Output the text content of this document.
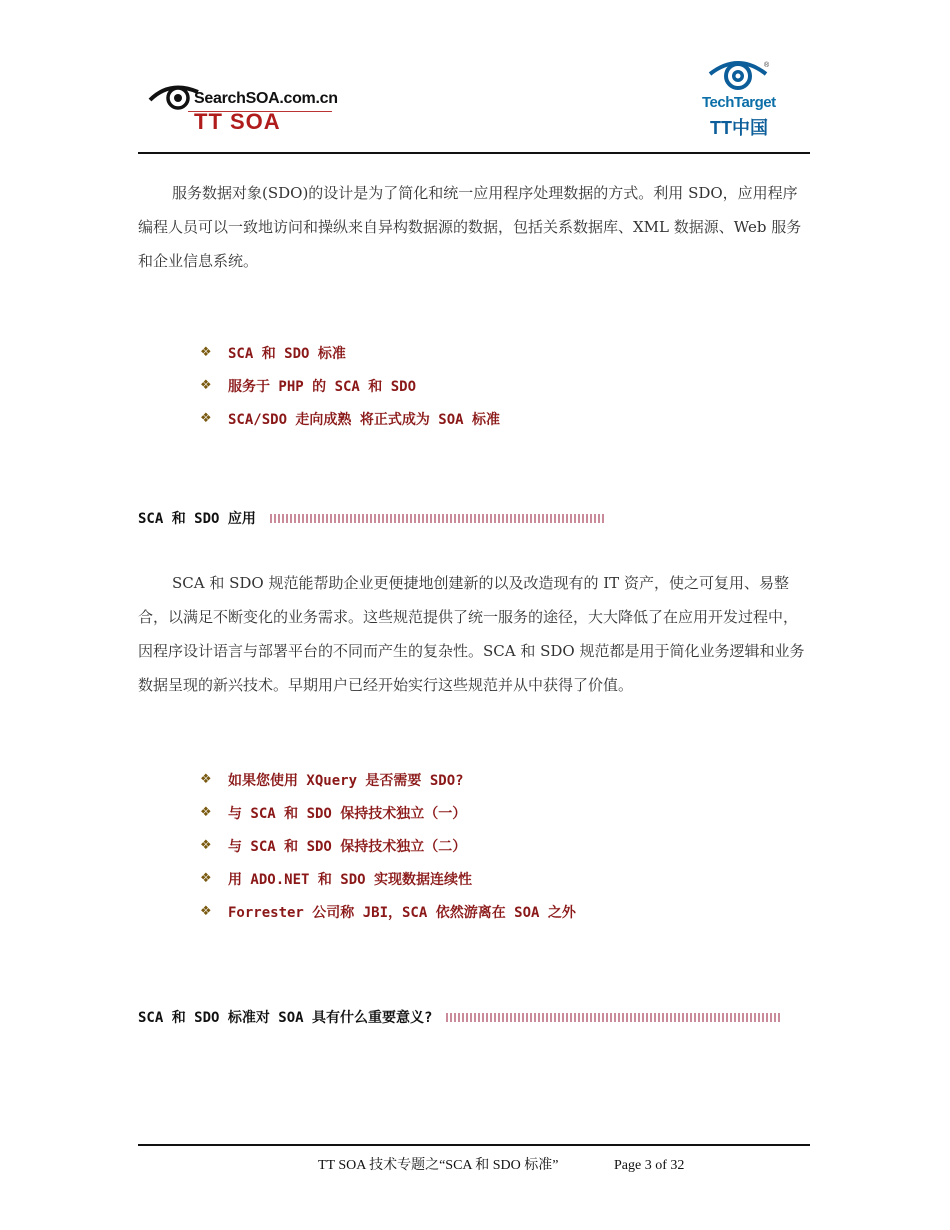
SearchSOA.com.cn
TT SOA
®
TechTarget
TT中国
服务数据对象(SDO)的设计是为了简化和统一应用程序处理数据的方式。利用 SDO，应用程序编程人员可以一致地访问和操纵来自异构数据源的数据，包括关系数据库、XML 数据源、Web 服务和企业信息系统。
❖	SCA 和 SDO 标准
❖	服务于 PHP 的 SCA 和 SDO
❖	SCA/SDO 走向成熟 将正式成为 SOA 标准
SCA 和 SDO 应用
SCA 和 SDO 规范能帮助企业更便捷地创建新的以及改造现有的 IT 资产，使之可复用、易整合，以满足不断变化的业务需求。这些规范提供了统一服务的途径，大大降低了在应用开发过程中，因程序设计语言与部署平台的不同而产生的复杂性。SCA 和 SDO 规范都是用于简化业务逻辑和业务数据呈现的新兴技术。早期用户已经开始实行这些规范并从中获得了价值。
❖	如果您使用 XQuery 是否需要 SDO?
❖	与 SCA 和 SDO 保持技术独立（一）
❖	与 SCA 和 SDO 保持技术独立（二）
❖	用 ADO.NET 和 SDO 实现数据连续性
❖	Forrester 公司称 JBI，SCA 依然游离在 SOA 之外
SCA 和 SDO 标准对 SOA 具有什么重要意义?
TT SOA 技术专题之“SCA 和 SDO 标准”	Page 3 of 32
